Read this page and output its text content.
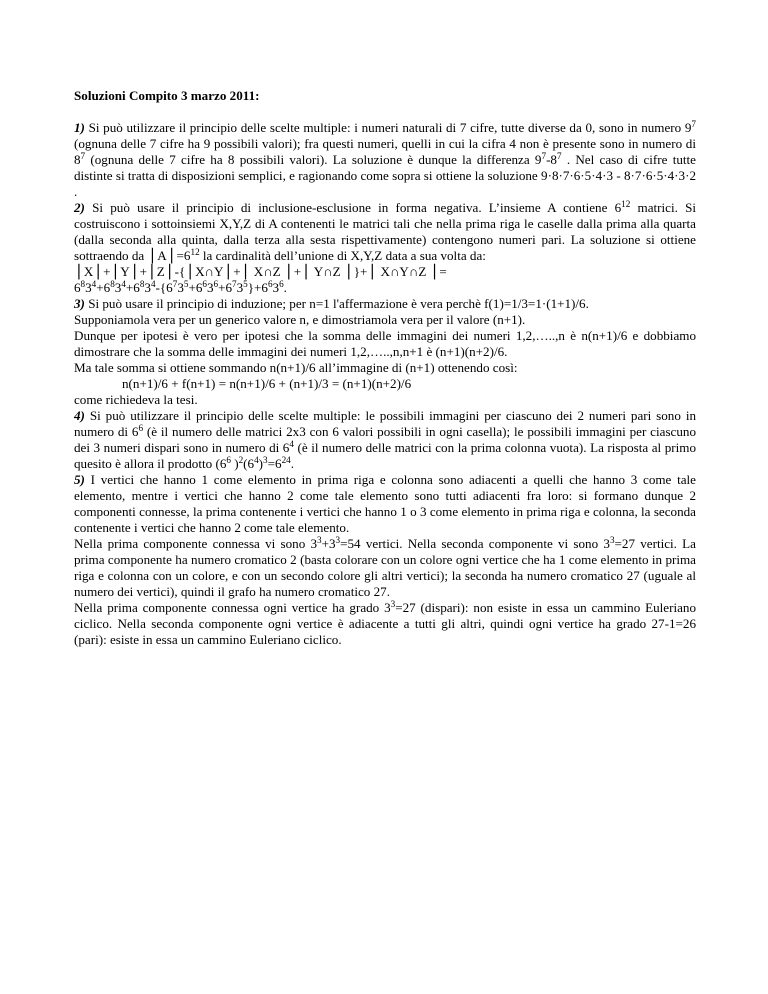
Soluzioni Compito 3 marzo 2011:

1) Si può utilizzare il principio delle scelte multiple: i numeri naturali di 7 cifre, tutte diverse da 0, sono in numero $9^7$ (ognuna delle 7 cifre ha 9 possibili valori); fra questi numeri, quelli in cui la cifra 4 non è presente sono in numero di $8^7$ (ognuna delle 7 cifre ha 8 possibili valori). La soluzione è dunque la differenza $9^7-8^7$ . Nel caso di cifre tutte distinte si tratta di disposizioni semplici, e ragionando come sopra si ottiene la soluzione 9·8·7·6·5·4·3 - 8·7·6·5·4·3·2 .

2) Si può usare il principio di inclusione-esclusione in forma negativa. L’insieme A contiene $6^{12}$ matrici. Si costruiscono i sottoinsiemi X,Y,Z di A contenenti le matrici tali che nella prima riga le caselle dalla prima alla quarta (dalla seconda alla quinta, dalla terza alla sesta rispettivamente) contengono numeri pari. La soluzione si ottiene sottraendo da $⎪A⎪=6^{12}$ la cardinalità dell’unione di X,Y,Z data a sua volta da:

⎪X⎪+⎪Y⎪+⎪Z⎪-{⎪X∩Y⎪+⎪ X∩Z ⎪+⎪ Y∩Z ⎪}+⎪ X∩Y∩Z ⎪=

$6^83^4+6^83^4+6^83^4-\{6^73^5+6^63^6+6^73^5\}+6^63^6$.

3) Si può usare il principio di induzione; per n=1 l'affermazione è vera perchè f(1)=1/3=1·(1+1)/6.

Supponiamola vera per un generico valore n, e dimostriamola vera per il valore (n+1).

Dunque per ipotesi è vero per ipotesi che la somma delle immagini dei numeri 1,2,…..,n è n(n+1)/6 e dobbiamo dimostrare che la somma delle immagini dei numeri 1,2,…..,n,n+1 è (n+1)(n+2)/6.

Ma tale somma si ottiene sommando n(n+1)/6 all’immagine di (n+1) ottenendo così:

n(n+1)/6 + f(n+1) = n(n+1)/6 + (n+1)/3 = (n+1)(n+2)/6

come richiedeva la tesi.

4) Si può utilizzare il principio delle scelte multiple: le possibili immagini per ciascuno dei 2 numeri pari sono in numero di $6^6$ (è il numero delle matrici 2x3 con 6 valori possibili in ogni casella); le possibili immagini per ciascuno dei 3 numeri dispari sono in numero di $6^4$ (è il numero delle matrici con la prima colonna vuota). La risposta al primo quesito è allora il prodotto ($6^6$ )$^2(6^4)^3=6^{24}$.

5) I vertici che hanno 1 come elemento in prima riga e colonna sono adiacenti a quelli che hanno 3 come tale elemento, mentre i vertici che hanno 2 come tale elemento sono tutti adiacenti fra loro: si formano dunque 2 componenti connesse, la prima contenente i vertici che hanno 1 o 3 come elemento in prima riga e colonna, la seconda contenente i vertici che hanno 2 come tale elemento.

Nella prima componente connessa vi sono $3^3+3^3=54$ vertici. Nella seconda componente vi sono $3^3=27$ vertici. La prima componente ha numero cromatico 2 (basta colorare con un colore ogni vertice che ha 1 come elemento in prima riga e colonna con un colore, e con un secondo colore gli altri vertici); la seconda ha numero cromatico 27 (uguale al numero dei vertici), quindi il grafo ha numero cromatico 27.

Nella prima componente connessa ogni vertice ha grado $3^3=27$ (dispari): non esiste in essa un cammino Euleriano ciclico. Nella seconda componente ogni vertice è adiacente a tutti gli altri, quindi ogni vertice ha grado 27-1=26 (pari): esiste in essa un cammino Euleriano ciclico.
